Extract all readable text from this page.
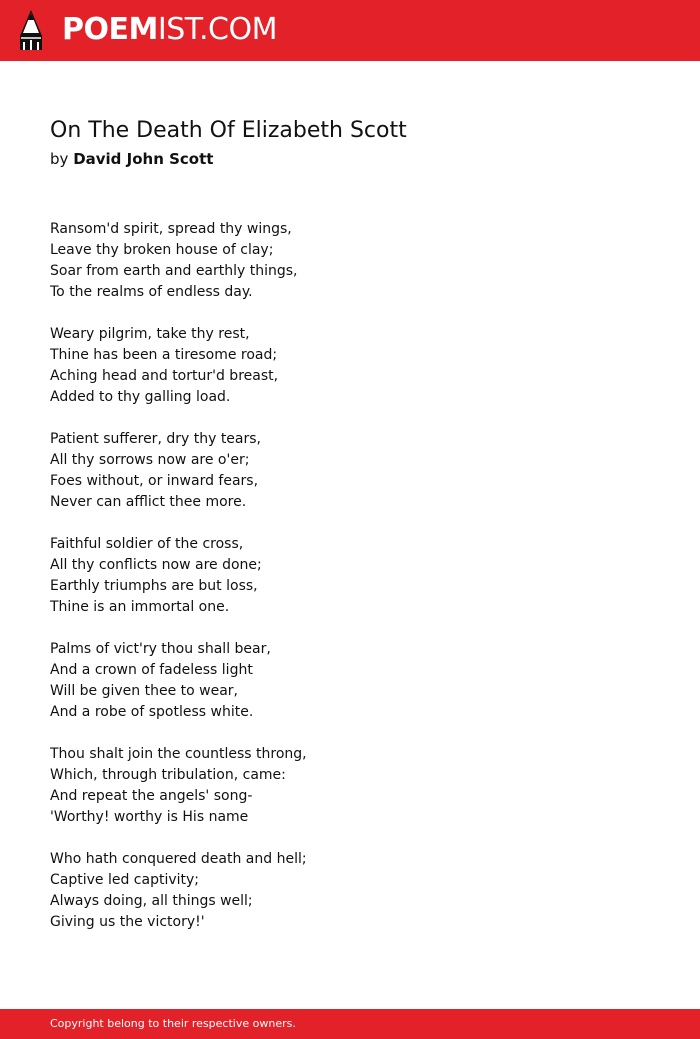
POEMIST.COM
On The Death Of Elizabeth Scott
by David John Scott
Ransom'd spirit, spread thy wings,
Leave thy broken house of clay;
Soar from earth and earthly things,
To the realms of endless day.
Weary pilgrim, take thy rest,
Thine has been a tiresome road;
Aching head and tortur'd breast,
Added to thy galling load.
Patient sufferer, dry thy tears,
All thy sorrows now are o'er;
Foes without, or inward fears,
Never can afflict thee more.
Faithful soldier of the cross,
All thy conflicts now are done;
Earthly triumphs are but loss,
Thine is an immortal one.
Palms of vict'ry thou shall bear,
And a crown of fadeless light
Will be given thee to wear,
And a robe of spotless white.
Thou shalt join the countless throng,
Which, through tribulation, came:
And repeat the angels' song-
'Worthy! worthy is His name
Who hath conquered death and hell;
Captive led captivity;
Always doing, all things well;
Giving us the victory!'
Copyright belong to their respective owners.
